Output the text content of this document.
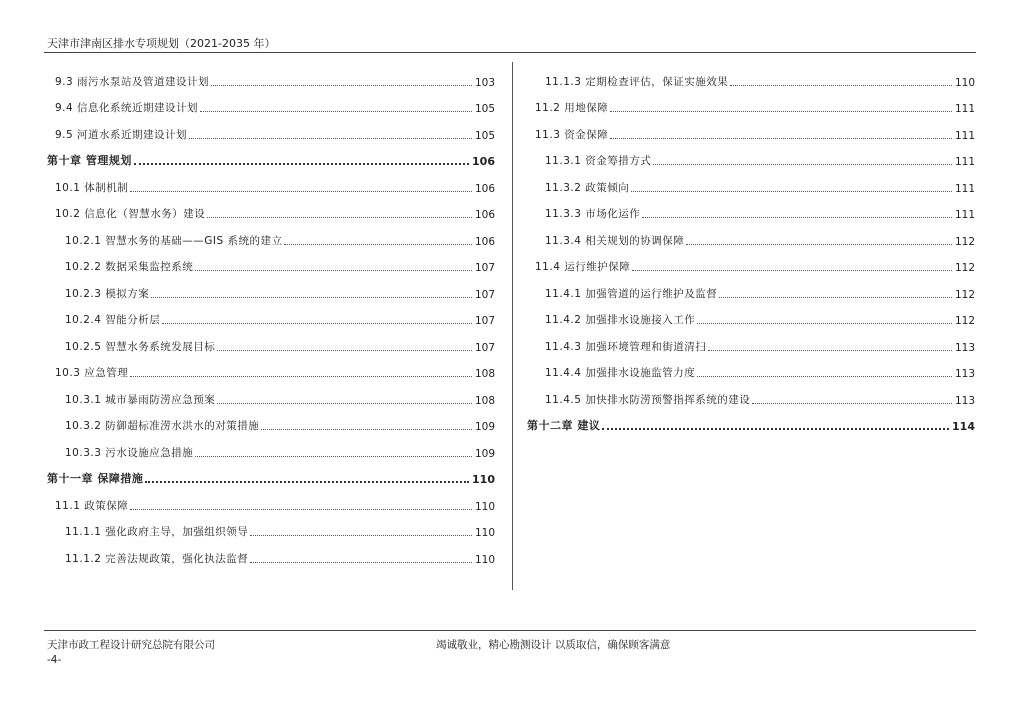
天津市津南区排水专项规划（2021-2035 年）
9.3 雨污水泵站及管道建设计划	103
9.4 信息化系统近期建设计划	105
9.5 河道水系近期建设计划	105
第十章 管理规划	106
10.1 体制机制	106
10.2 信息化（智慧水务）建设	106
10.2.1 智慧水务的基础——GIS 系统的建立	106
10.2.2 数据采集监控系统	107
10.2.3 模拟方案	107
10.2.4 智能分析层	107
10.2.5 智慧水务系统发展目标	107
10.3 应急管理	108
10.3.1 城市暴雨防涝应急预案	108
10.3.2 防御超标准涝水洪水的对策措施	109
10.3.3 污水设施应急措施	109
第十一章 保障措施	110
11.1 政策保障	110
11.1.1 强化政府主导，加强组织领导	110
11.1.2 完善法规政策，强化执法监督	110
11.1.3 定期检查评估，保证实施效果	110
11.2 用地保障	111
11.3 资金保障	111
11.3.1 资金筹措方式	111
11.3.2 政策倾向	111
11.3.3 市场化运作	111
11.3.4 相关规划的协调保障	112
11.4 运行维护保障	112
11.4.1 加强管道的运行维护及监督	112
11.4.2 加强排水设施接入工作	112
11.4.3 加强环境管理和街道清扫	113
11.4.4 加强排水设施监管力度	113
11.4.5 加快排水防涝预警指挥系统的建设	113
第十二章 建议	114
天津市政工程设计研究总院有限公司	竭诚敬业，精心勘测设计 以质取信，确保顾客满意
-4-
